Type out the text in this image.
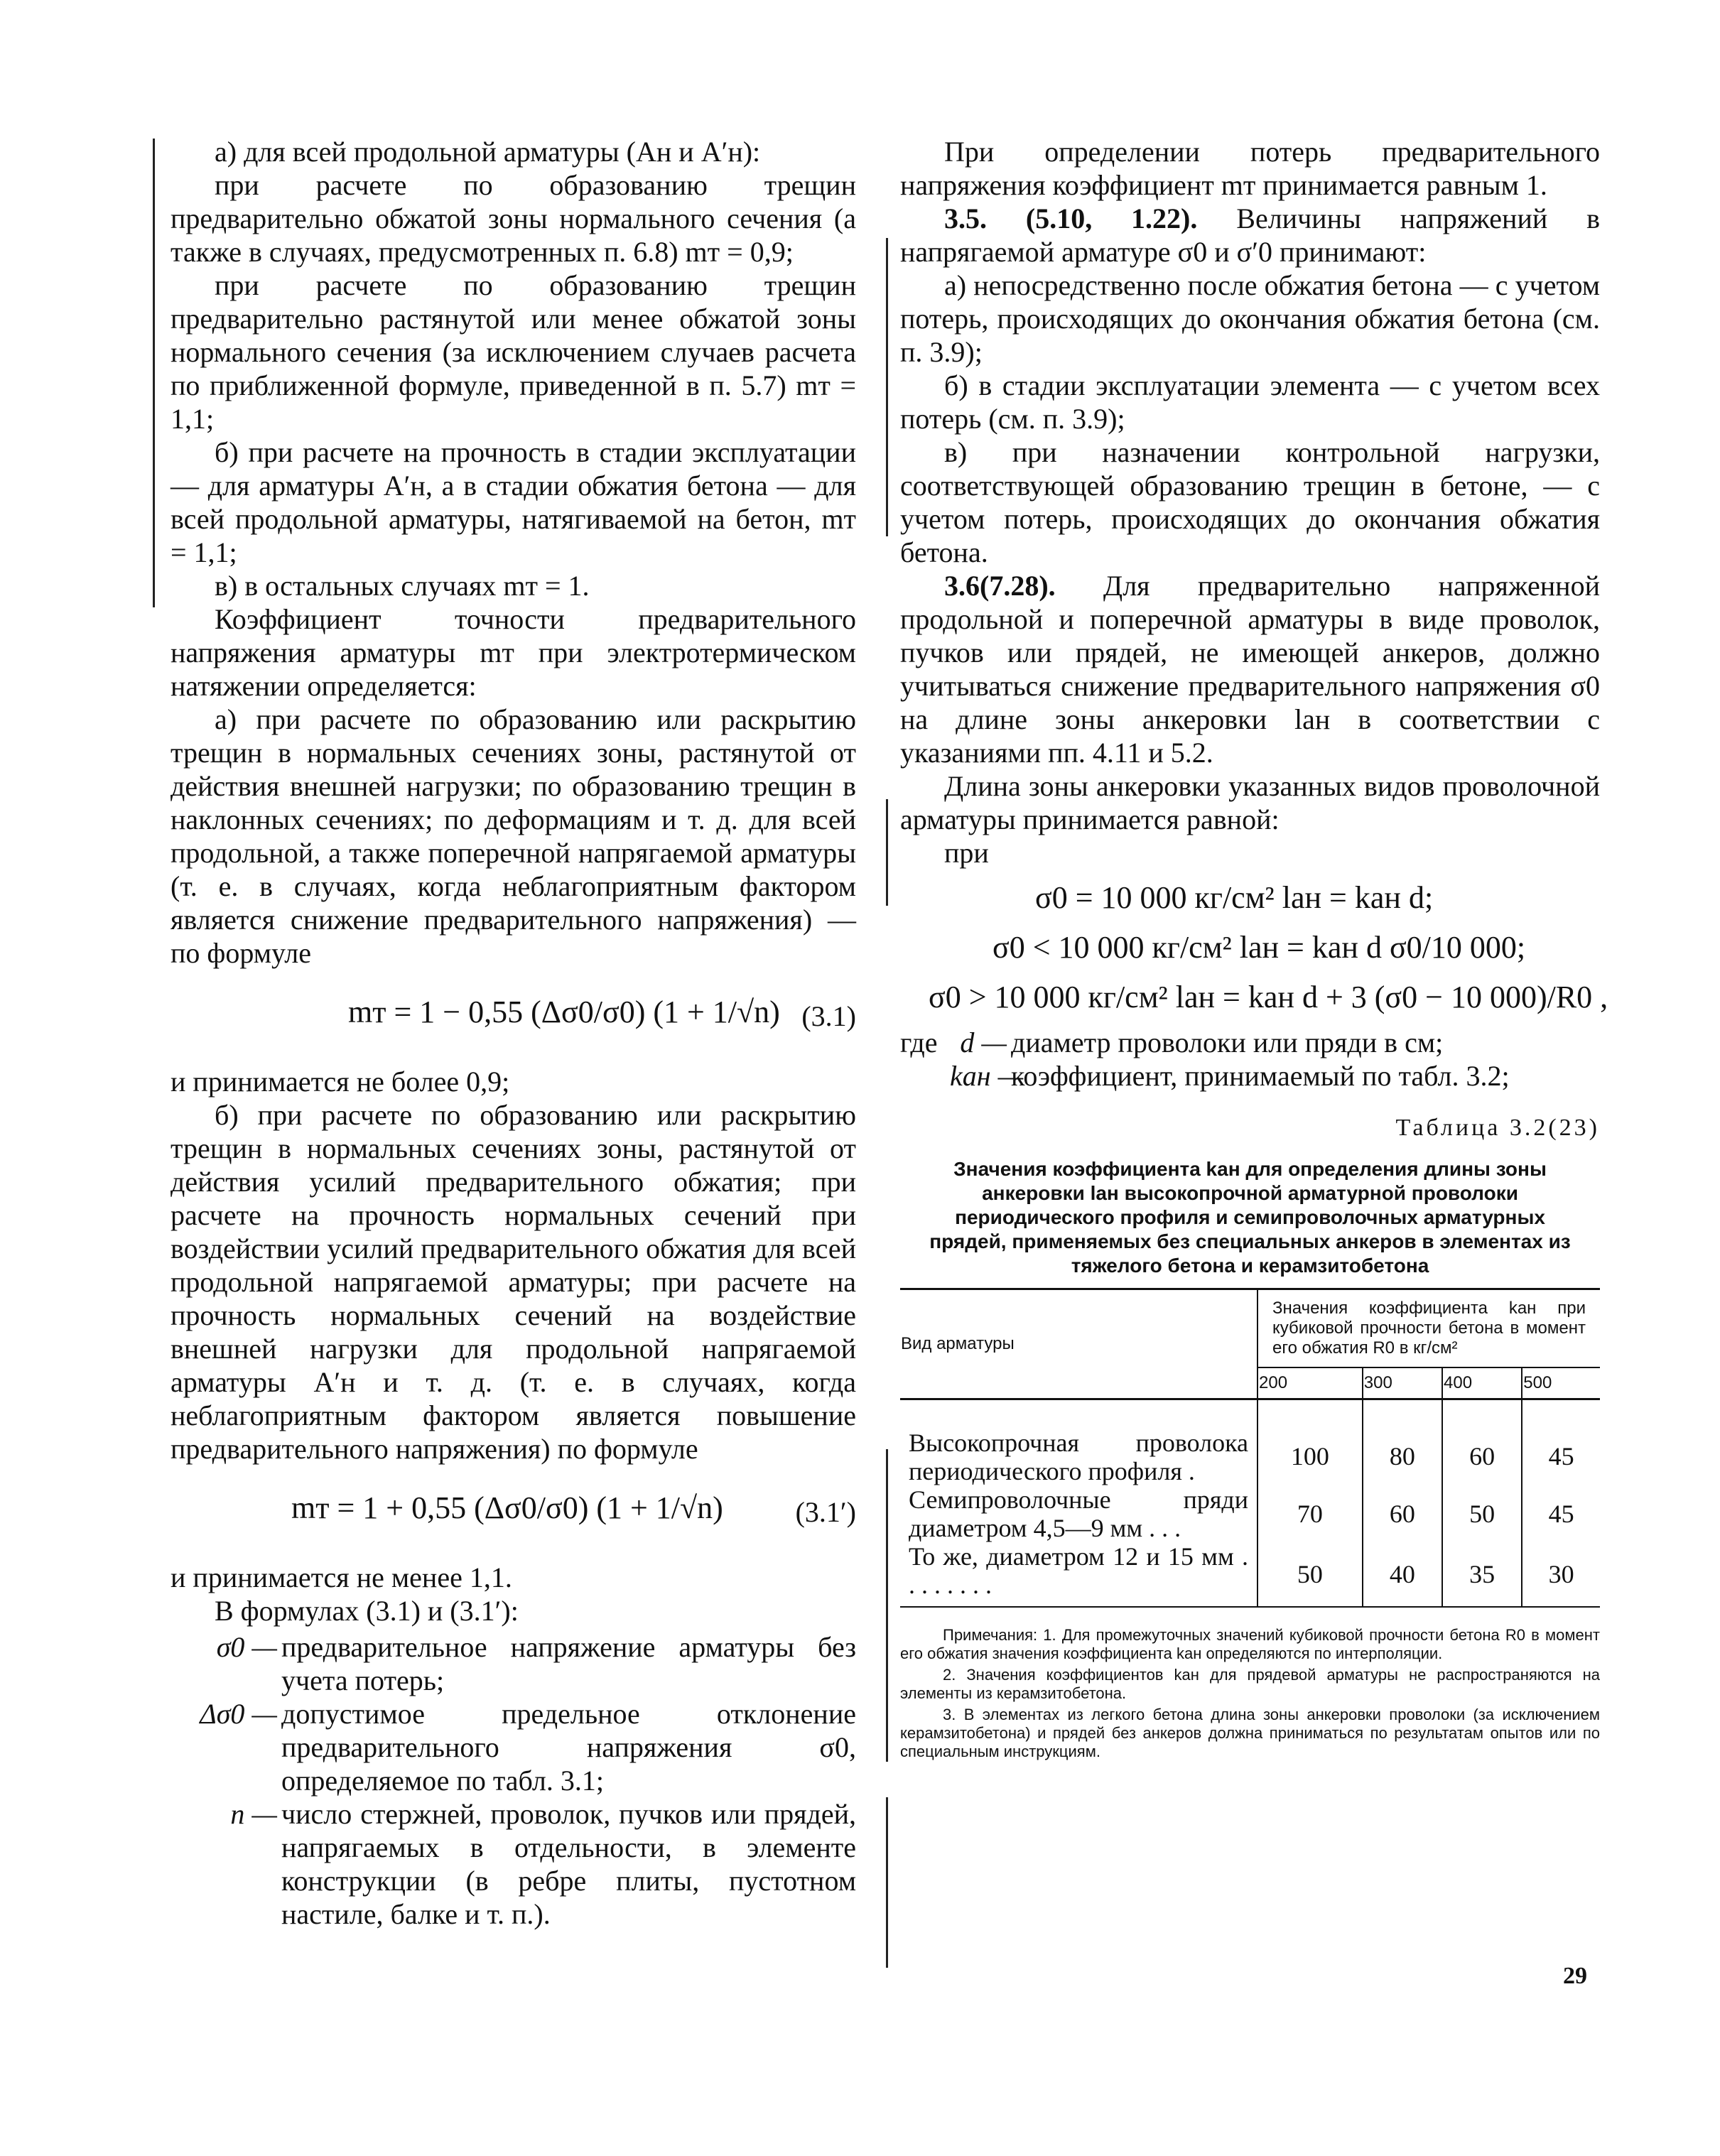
а) для всей продольной арматуры (Aн и A′н):

при расчете по образованию трещин предварительно обжатой зоны нормального сечения (а также в случаях, предусмотренных п. 6.8) mт = 0,9;

при расчете по образованию трещин предварительно растянутой или менее обжатой зоны нормального сечения (за исключением случаев расчета по приближенной формуле, приведенной в п. 5.7) mт = 1,1;

б) при расчете на прочность в стадии эксплуатации — для арматуры A′н, а в стадии обжатия бетона — для всей продольной арматуры, натягиваемой на бетон, mт = 1,1;

в) в остальных случаях mт = 1.

Коэффициент точности предварительного напряжения арматуры mт при электротермическом натяжении определяется:

а) при расчете по образованию или раскрытию трещин в нормальных сечениях зоны, растянутой от действия внешней нагрузки; по образованию трещин в наклонных сечениях; по деформациям и т. д. для всей продольной, а также поперечной напрягаемой арматуры (т. е. в случаях, когда неблагоприятным фактором является снижение предварительного напряжения) — по формуле

mт = 1 − 0,55 (Δσ0/σ0) (1 + 1/√n) (3.1)

и принимается не более 0,9;

б) при расчете по образованию или раскрытию трещин в нормальных сечениях зоны, растянутой от действия усилий предварительного обжатия; при расчете на прочность нормальных сечений при воздействии усилий предварительного обжатия для всей продольной напрягаемой арматуры; при расчете на прочность нормальных сечений на воздействие внешней нагрузки для продольной напрягаемой арматуры A′н и т. д. (т. е. в случаях, когда неблагоприятным фактором является повышение предварительного напряжения) по формуле

mт = 1 + 0,55 (Δσ0/σ0) (1 + 1/√n)	(3.1′)

и принимается не менее 1,1.

В формулах (3.1) и (3.1′):

σ0 — предварительное напряжение арматуры без учета потерь;
Δσ0 — допустимое предельное отклонение предварительного напряжения σ0, определяемое по табл. 3.1;
n — число стержней, проволок, пучков или прядей, напрягаемых в отдельности, в элементе конструкции (в ребре плиты, пустотном настиле, балке и т. п.).

При определении потерь предварительного напряжения коэффициент mт принимается равным 1.

3.5. (5.10, 1.22). Величины напряжений в напрягаемой арматуре σ0 и σ′0 принимают:

а) непосредственно после обжатия бетона — с учетом потерь, происходящих до окончания обжатия бетона (см. п. 3.9);

б) в стадии эксплуатации элемента — с учетом всех потерь (см. п. 3.9);

в) при назначении контрольной нагрузки, соответствующей образованию трещин в бетоне, — с учетом потерь, происходящих до окончания обжатия бетона.

3.6(7.28). Для предварительно напряженной продольной и поперечной арматуры в виде проволок, пучков или прядей, не имеющей анкеров, должно учитываться снижение предварительного напряжения σ0 на длине зоны анкеровки lан в соответствии с указаниями пп. 4.11 и 5.2.

Длина зоны анкеровки указанных видов проволочной арматуры принимается равной:

при

σ0 = 10 000 кг/см² lан = kан d;
σ0 < 10 000 кг/см² lан = kан d σ0/10 000;
σ0 > 10 000 кг/см² lан = kан d + 3 (σ0 − 10 000)/R0 ,
где d — диаметр проволоки или пряди в см;
kан —
коэффициент, принимаемый по табл. 3.2;
Таблица 3.2(23)
Значения коэффициента kан для определения длины зоны анкеровки lан высокопрочной арматурной проволоки периодического профиля и семипроволочных арматурных прядей, применяемых без специальных анкеров в элементах из тяжелого бетона и керамзитобетона
Вид арматуры	Значения коэффициента kан при кубиковой прочности бетона в момент его обжатия R0 в кг/см²			
	200	300	400	500
Высокопрочная проволока периодического профиля .	100	80	60	45
Семипроволочные пряди диаметром 4,5—9 мм . . .	70	60	50	45
То же, диаметром 12 и 15 мм . . . . . . . .	50	40	35	30

Примечания: 1. Для промежуточных значений кубиковой прочности бетона R0 в момент его обжатия значения коэффициента kан определяются по интерполяции.

2. Значения коэффициентов kан для прядевой арматуры не распространяются на элементы из керамзитобетона.

3. В элементах из легкого бетона длина зоны анкеровки проволоки (за исключением керамзитобетона) и прядей без анкеров должна приниматься по результатам опытов или по специальным инструкциям.

29
